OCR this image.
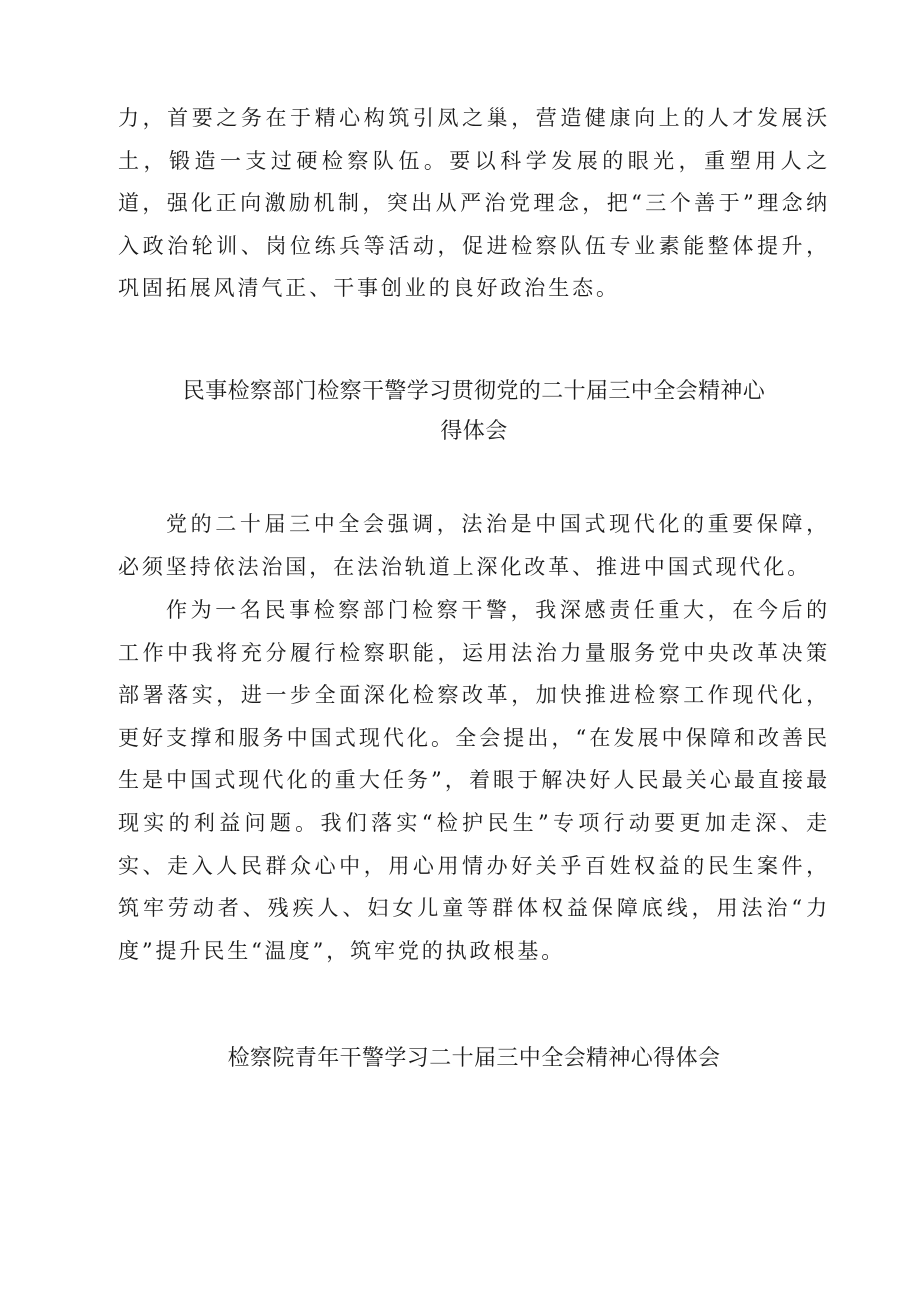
力，首要之务在于精心构筑引凤之巢，营造健康向上的人才发展沃土，锻造一支过硬检察队伍。要以科学发展的眼光，重塑用人之道，强化正向激励机制，突出从严治党理念，把“三个善于”理念纳入政治轮训、岗位练兵等活动，促进检察队伍专业素能整体提升，巩固拓展风清气正、干事创业的良好政治生态。

民事检察部门检察干警学习贯彻党的二十届三中全会精神心
得体会

党的二十届三中全会强调，法治是中国式现代化的重要保障，必须坚持依法治国，在法治轨道上深化改革、推进中国式现代化。

作为一名民事检察部门检察干警，我深感责任重大，在今后的工作中我将充分履行检察职能，运用法治力量服务党中央改革决策部署落实，进一步全面深化检察改革，加快推进检察工作现代化，更好支撑和服务中国式现代化。全会提出，“在发展中保障和改善民生是中国式现代化的重大任务”，着眼于解决好人民最关心最直接最现实的利益问题。我们落实“检护民生”专项行动要更加走深、走实、走入人民群众心中，用心用情办好关乎百姓权益的民生案件，筑牢劳动者、残疾人、妇女儿童等群体权益保障底线，用法治“力度”提升民生“温度”，筑牢党的执政根基。

检察院青年干警学习二十届三中全会精神心得体会
